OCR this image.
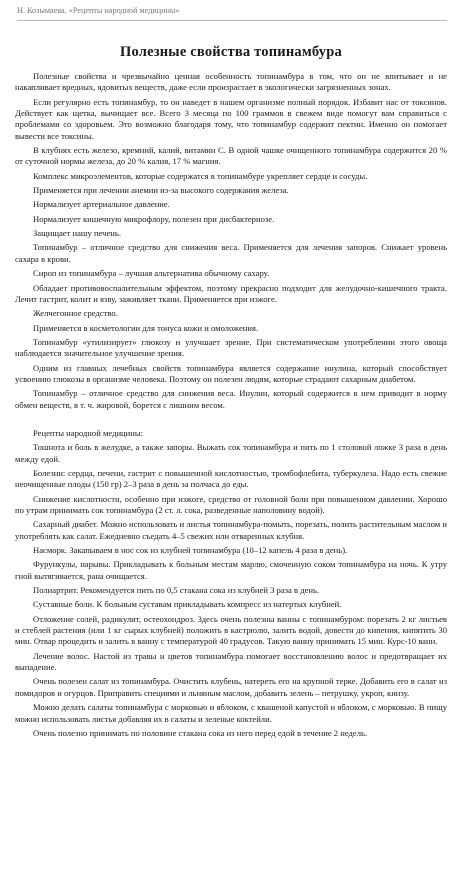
Н. Козымаева. «Рецепты народной медицины»
Полезные свойства топинамбура

Полезные свойства и чрезвычайно ценная особенность топинамбура в том, что он не впитывает и не накапливает вредных, ядовитых веществ, даже если произрастает в экологически загрязненных зонах.

Если регулярно есть топинамбур, то он наведет в нашем организме полный порядок. Избавит нас от токсинов. Действует как щетка, вычищает все. Всего 3 месяца по 100 граммов в свежем виде помогут вам справиться с проблемами со здоровьем. Это возможно благодаря тому, что топинамбур содержит пектин. Именно он помогает вывести все токсины.

В клубнях есть железо, кремний, калий, витамин С. В одной чашке очищенного топинамбура содержится 20 % от суточной нормы железа, до 20 % калия, 17 % магния.

Комплекс микроэлементов, которые содержатся в топинамбуре укрепляет сердце и сосуды.

Применяется при лечении анемии из-за высокого содержания железа.

Нормализует артериальное давление.

Нормализует кишечную микрофлору, полезен при дисбактериозе.

Защищает нашу печень.

Топинамбур – отличное средство для снижения веса. Применяется для лечения запоров. Снижает уровень сахара в крови.

Сироп из топинамбура – лучшая альтернатива обычному сахару.

Обладает противовоспалительным эффектом, поэтому прекрасно подходит для желудочно-кишечного тракта. Лечит гастрит, колит и язву, заживляет ткани. Применяется при изжоге.

Желчегонное средство.

Применяется в косметологии для тонуса кожи и омоложения.

Топинамбур «утилизирует» глюкозу и улучшает зрение. При систематическом употреблении этого овоща наблюдается значительное улучшение зрения.

Одним из главных лечебных свойств топинамбура является содержание инулина, который способствует усвоению глюкозы в организме человека. Поэтому он полезен людям, которые страдают сахарным диабетом.

Топинамбур – отличное средство для снижения веса. Инулин, который содержится в нем приводит в норму обмен веществ, в т. ч. жировой, борется с лишним весом.

Рецепты народной медицины:

Тошнота и боль в желудке, а также запоры. Выжать сок топинамбура и пить по 1 столовой ложке 3 раза в день между едой.

Болезни: сердца, печени, гастрит с повышенной кислотностью, тромбофлебита, туберкулеза. Надо есть свежие неочищенные плоды (150 гр) 2–3 раза в день за полчаса до еды.

Снижение кислотности, особенно при изжоге, средство от головной боли при повышенном давлении. Хорошо по утрам принимать сок топинамбура (2 ст. л. сока, разведенные наполовину водой).

Сахарный диабет. Можно использовать и листья топинамбура-помыть, порезать, полить растительным маслом и употреблять как салат. Ежедневно съедать 4–5 свежих или отваренных клубня.

Насморк. Закапываем в нос сок из клубней топинамбура (10–12 капель 4 раза в день).

Фурункулы, нарывы. Прикладывать к больным местам марлю, смоченную соком топинамбура на ночь. К утру гной вытягивается, рана очищается.

Полиартрит. Рекомендуется пить по 0,5 стакана сока из клубней 3 раза в день.

Суставные боли. К больным суставам прикладывать компресс из натертых клубней.

Отложение солей, радикулит, остеохондроз. Здесь очень полезны ванны с топинамбуром: порезать 2 кг листьев и стеблей растения (или 1 кг сырых клубней) положить в кастрюлю, залить водой, довести до кипения, кипятить 30 мин. Отвар процедить и залить в ванну с температурой 40 градусов. Такую ванну принимать 15 мин. Курс-10 ванн.

Лечение волос. Настой из травы и цветов топинамбура помогает восстановлению волос и предотвращает их выпадение.

Очень полезен салат из топинамбура. Очистить клубень, натереть его на крупной терке. Добавить его в салат из помидоров и огурцов. Приправить специями и льняным маслом, добавить зелень – петрушку, укроп, кинзу.

Можно делать салаты топинамбура с морковью и яблоком, с квашеной капустой и яблоком, с морковью. В пищу можно использовать листья добавляя их в салаты и зеленые коктейли.

Очень полезно принимать по половине стакана сока из него перед едой в течение 2 недель.
